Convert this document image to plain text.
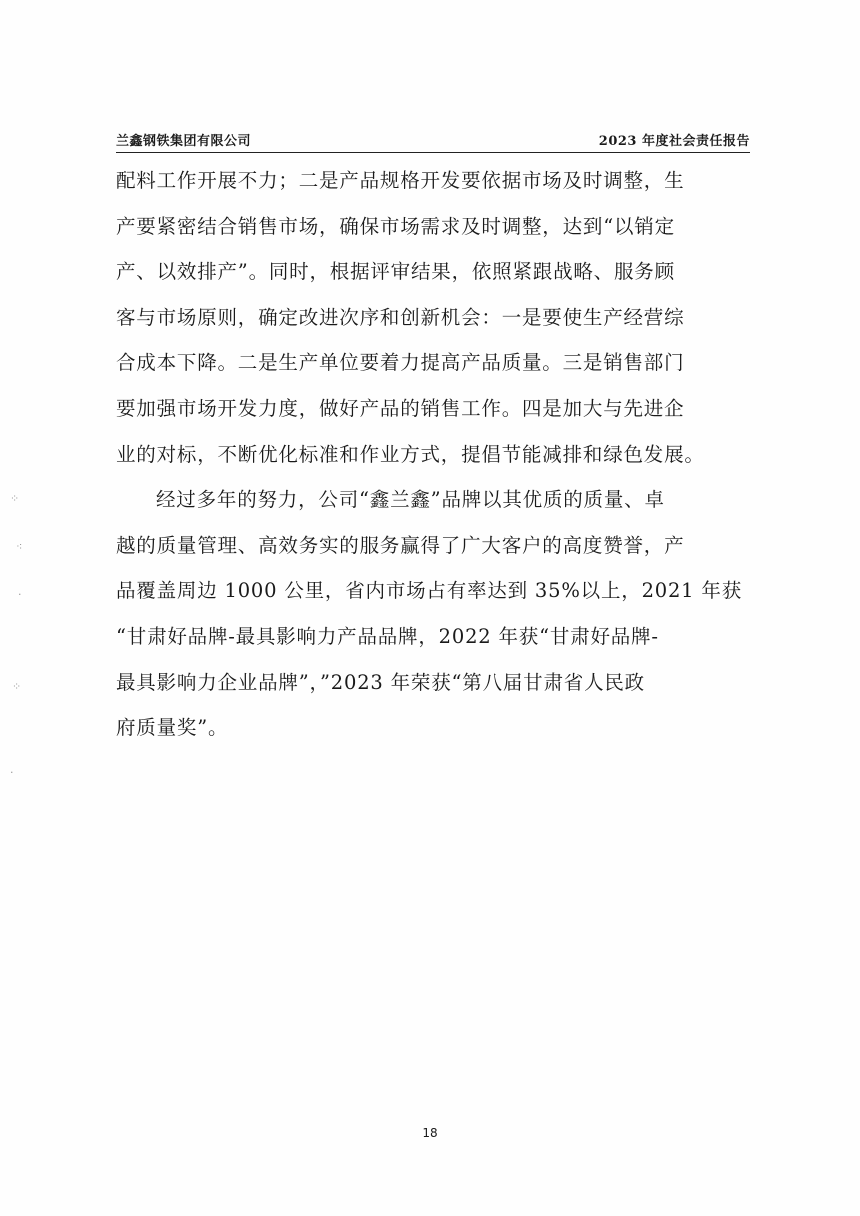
兰鑫钢铁集团有限公司	2023 年度社会责任报告
配料工作开展不力；二是产品规格开发要依据市场及时调整，生
产要紧密结合销售市场，确保市场需求及时调整，达到“以销定
产、以效排产”。同时，根据评审结果，依照紧跟战略、服务顾
客与市场原则，确定改进次序和创新机会：一是要使生产经营综
合成本下降。二是生产单位要着力提高产品质量。三是销售部门
要加强市场开发力度，做好产品的销售工作。四是加大与先进企
业的对标，不断优化标准和作业方式，提倡节能减排和绿色发展。
经过多年的努力，公司“鑫兰鑫”品牌以其优质的质量、卓
越的质量管理、高效务实的服务赢得了广大客户的高度赞誉，产
品覆盖周边 1000 公里，省内市场占有率达到 35%以上，2021 年获
“甘肃好品牌-最具影响力产品品牌，2022 年获“甘肃好品牌-
最具影响力企业品牌”，”2023 年荣获“第八届甘肃省人民政
府质量奖”。
18
⁘
⁖
·
⁘
·
